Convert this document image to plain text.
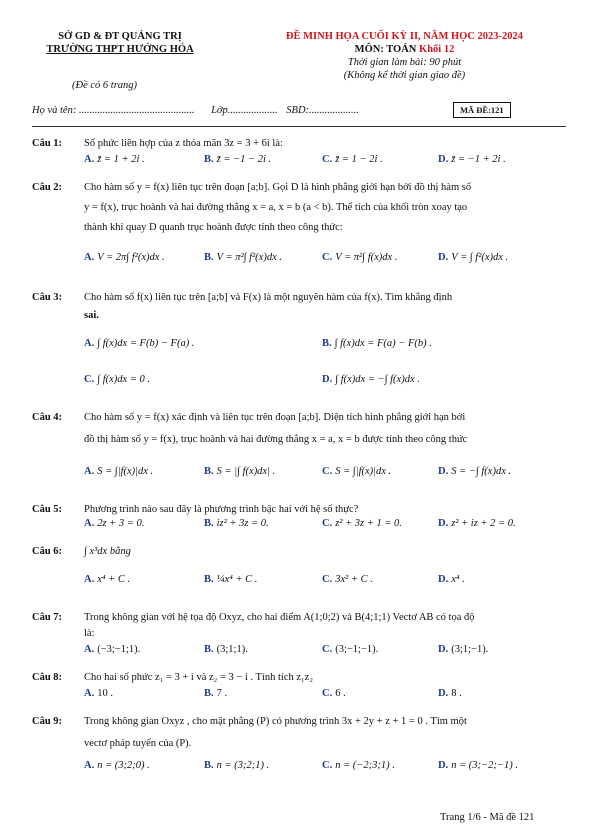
SỞ GD & ĐT QUẢNG TRỊ
TRƯỜNG THPT HƯỚNG HÓA
(Đề có 6 trang)
ĐỀ MINH HỌA CUỐI KỲ II, NĂM HỌC 2023-2024
MÔN: TOÁN Khối 12
Thời gian làm bài: 90 phút
(Không kể thời gian giao đề)
Họ và tên: ............................................ Lớp................... SBD:...................	MÃ ĐỀ:121
Câu 1:	Số phức liên hợp của z thỏa mãn 3z = 3 + 6i là:
A. z̄ = 1 + 2i .	B. z̄ = −1 − 2i .	C. z̄ = 1 − 2i .	D. z̄ = −1 + 2i .
Câu 2:	Cho hàm số y = f(x) liên tục trên đoạn [a;b]. Gọi D là hình phẳng giới hạn bởi đồ thị hàm số
y = f(x), trục hoành và hai đường thẳng x = a, x = b (a < b). Thể tích của khối tròn xoay tạo
thành khi quay D quanh trục hoành được tính theo công thức:
A. V = 2π∫ f²(x)dx .	B. V = π²∫ f²(x)dx .	C. V = π²∫ f(x)dx .	D. V = ∫ f²(x)dx .
Câu 3:	Cho hàm số f(x) liên tục trên [a;b] và F(x) là một nguyên hàm của f(x). Tìm khẳng định
sai.
A. ∫ f(x)dx = F(b) − F(a) .	B. ∫ f(x)dx = F(a) − F(b) .
C. ∫ f(x)dx = 0 .	D. ∫ f(x)dx = −∫ f(x)dx .
Câu 4:	Cho hàm số y = f(x) xác định và liên tục trên đoạn [a;b]. Diện tích hình phẳng giới hạn bởi
đồ thị hàm số y = f(x), trục hoành và hai đường thẳng x = a, x = b được tính theo công thức
A. S = ∫|f(x)|dx .	B. S = |∫ f(x)dx| .	C. S = ∫|f(x)|dx .	D. S = −∫ f(x)dx .
Câu 5:	Phương trình nào sau đây là phương trình bậc hai với hệ số thực?
A. 2z + 3 = 0.	B. iz² + 3z = 0.	C. z² + 3z + 1 = 0.	D. z² + iz + 2 = 0.
Câu 6:	∫ x³dx bằng
A. x⁴ + C .	B. ¼x⁴ + C .	C. 3x² + C .	D. x⁴ .
Câu 7:	Trong không gian với hệ tọa độ Oxyz, cho hai điểm A(1;0;2) và B(4;1;1) Vectơ AB có tọa độ
là:
A. (−3;−1;1).	B. (3;1;1).	C. (3;−1;−1).	D. (3;1;−1).
Câu 8:	Cho hai số phức z₁ = 3 + i và z₂ = 3 − i . Tính tích z₁z₂
A. 10 .	B. 7 .	C. 6 .	D. 8 .
Câu 9:	Trong không gian Oxyz , cho mặt phẳng (P) có phương trình 3x + 2y + z + 1 = 0 . Tìm một
vectơ pháp tuyến của (P).
A. n = (3;2;0) .	B. n = (3;2;1) .	C. n = (−2;3;1) .	D. n = (3;−2;−1) .
Trang 1/6 - Mã đề 121
